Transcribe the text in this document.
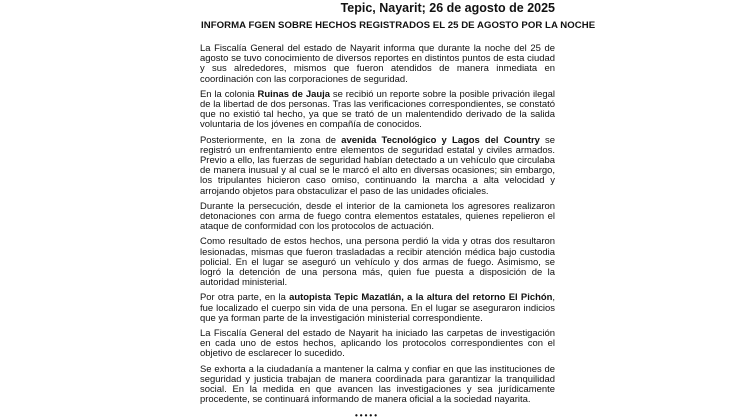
Tepic, Nayarit; 26 de agosto de 2025
INFORMA FGEN SOBRE HECHOS REGISTRADOS EL 25 DE AGOSTO POR LA NOCHE

La Fiscalía General del estado de Nayarit informa que durante la noche del 25 de agosto se tuvo conocimiento de diversos reportes en distintos puntos de esta ciudad y sus alrededores, mismos que fueron atendidos de manera inmediata en coordinación con las corporaciones de seguridad.

En la colonia Ruinas de Jauja se recibió un reporte sobre la posible privación ilegal de la libertad de dos personas. Tras las verificaciones correspondientes, se constató que no existió tal hecho, ya que se trató de un malentendido derivado de la salida voluntaria de los jóvenes en compañía de conocidos.

Posteriormente, en la zona de avenida Tecnológico y Lagos del Country se registró un enfrentamiento entre elementos de seguridad estatal y civiles armados. Previo a ello, las fuerzas de seguridad habían detectado a un vehículo que circulaba de manera inusual y al cual se le marcó el alto en diversas ocasiones; sin embargo, los tripulantes hicieron caso omiso, continuando la marcha a alta velocidad y arrojando objetos para obstaculizar el paso de las unidades oficiales.

Durante la persecución, desde el interior de la camioneta los agresores realizaron detonaciones con arma de fuego contra elementos estatales, quienes repelieron el ataque de conformidad con los protocolos de actuación.

Como resultado de estos hechos, una persona perdió la vida y otras dos resultaron lesionadas, mismas que fueron trasladadas a recibir atención médica bajo custodia policial. En el lugar se aseguró un vehículo y dos armas de fuego. Asimismo, se logró la detención de una persona más, quien fue puesta a disposición de la autoridad ministerial.

Por otra parte, en la autopista Tepic Mazatlán, a la altura del retorno El Pichón, fue localizado el cuerpo sin vida de una persona. En el lugar se aseguraron indicios que ya forman parte de la investigación ministerial correspondiente.

La Fiscalía General del estado de Nayarit ha iniciado las carpetas de investigación en cada uno de estos hechos, aplicando los protocolos correspondientes con el objetivo de esclarecer lo sucedido.

Se exhorta a la ciudadanía a mantener la calma y confiar en que las instituciones de seguridad y justicia trabajan de manera coordinada para garantizar la tranquilidad social. En la medida en que avancen las investigaciones y sea jurídicamente procedente, se continuará informando de manera oficial a la sociedad nayarita.

•••••
